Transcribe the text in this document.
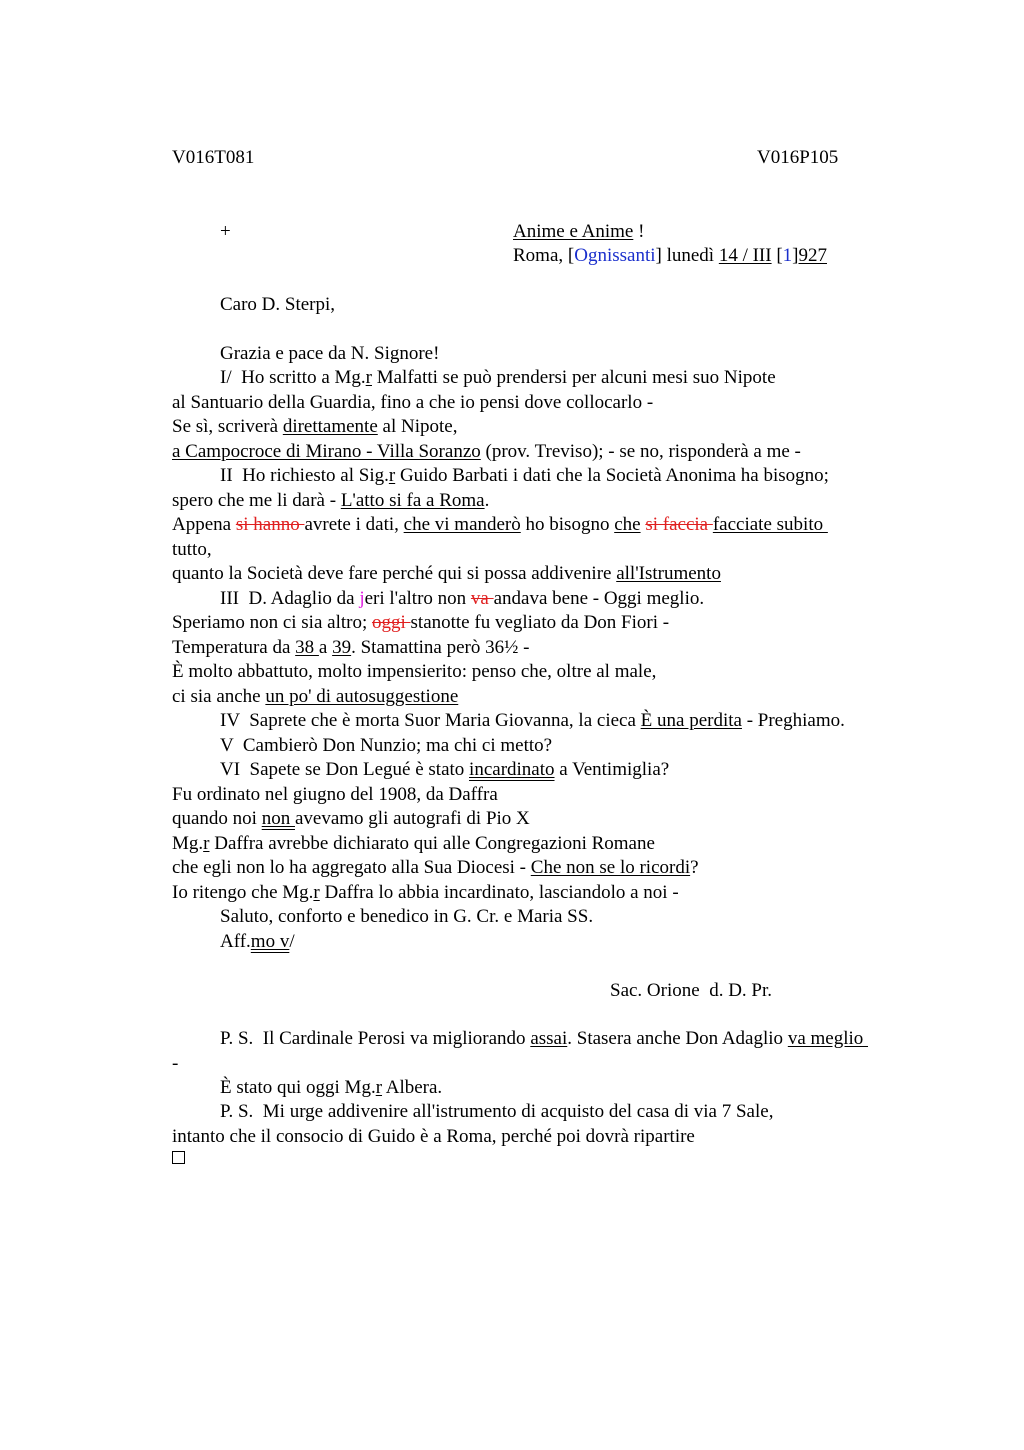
V016T081	V016P105
+	Anime e Anime !
Roma, [Ognissanti] lunedì 14 / III [1]927
Caro D. Sterpi,
Grazia e pace da N. Signore!
I/  Ho scritto a Mg.r Malfatti se può prendersi per alcuni mesi suo Nipote
al Santuario della Guardia, fino a che io pensi dove collocarlo -
Se sì, scriverà direttamente al Nipote,
a Campocroce di Mirano - Villa Soranzo (prov. Treviso); - se no, risponderà a me -
II  Ho richiesto al Sig.r Guido Barbati i dati che la Società Anonima ha bisogno;
spero che me li darà - L'atto si fa a Roma.
Appena si hanno avrete i dati, che vi manderò ho bisogno che si faccia facciate subito
tutto,
quanto la Società deve fare perché qui si possa addivenire all'Istrumento
III  D. Adaglio da jeri l'altro non va andava bene - Oggi meglio.
Speriamo non ci sia altro; oggi stanotte fu vegliato da Don Fiori -
Temperatura da 38 a 39. Stamattina però 36½ -
È molto abbattuto, molto impensierito: penso che, oltre al male,
ci sia anche un po' di autosuggestione
IV  Saprete che è morta Suor Maria Giovanna, la cieca È una perdita - Preghiamo.
V  Cambierò Don Nunzio; ma chi ci metto?
VI  Sapete se Don Legué è stato incardinato a Ventimiglia?
Fu ordinato nel giugno del 1908, da Daffra
quando noi non avevamo gli autografi di Pio X
Mg.r Daffra avrebbe dichiarato qui alle Congregazioni Romane
che egli non lo ha aggregato alla Sua Diocesi - Che non se lo ricordi?
Io ritengo che Mg.r Daffra lo abbia incardinato, lasciandolo a noi -
Saluto, conforto e benedico in G. Cr. e Maria SS.
Aff.mo v/
Sac. Orione  d. D. Pr.
P. S.  Il Cardinale Perosi va migliorando assai. Stasera anche Don Adaglio va meglio
-
È stato qui oggi Mg.r Albera.
P. S.  Mi urge addivenire all'istrumento di acquisto del casa di via 7 Sale,
intanto che il consocio di Guido è a Roma, perché poi dovrà ripartire
